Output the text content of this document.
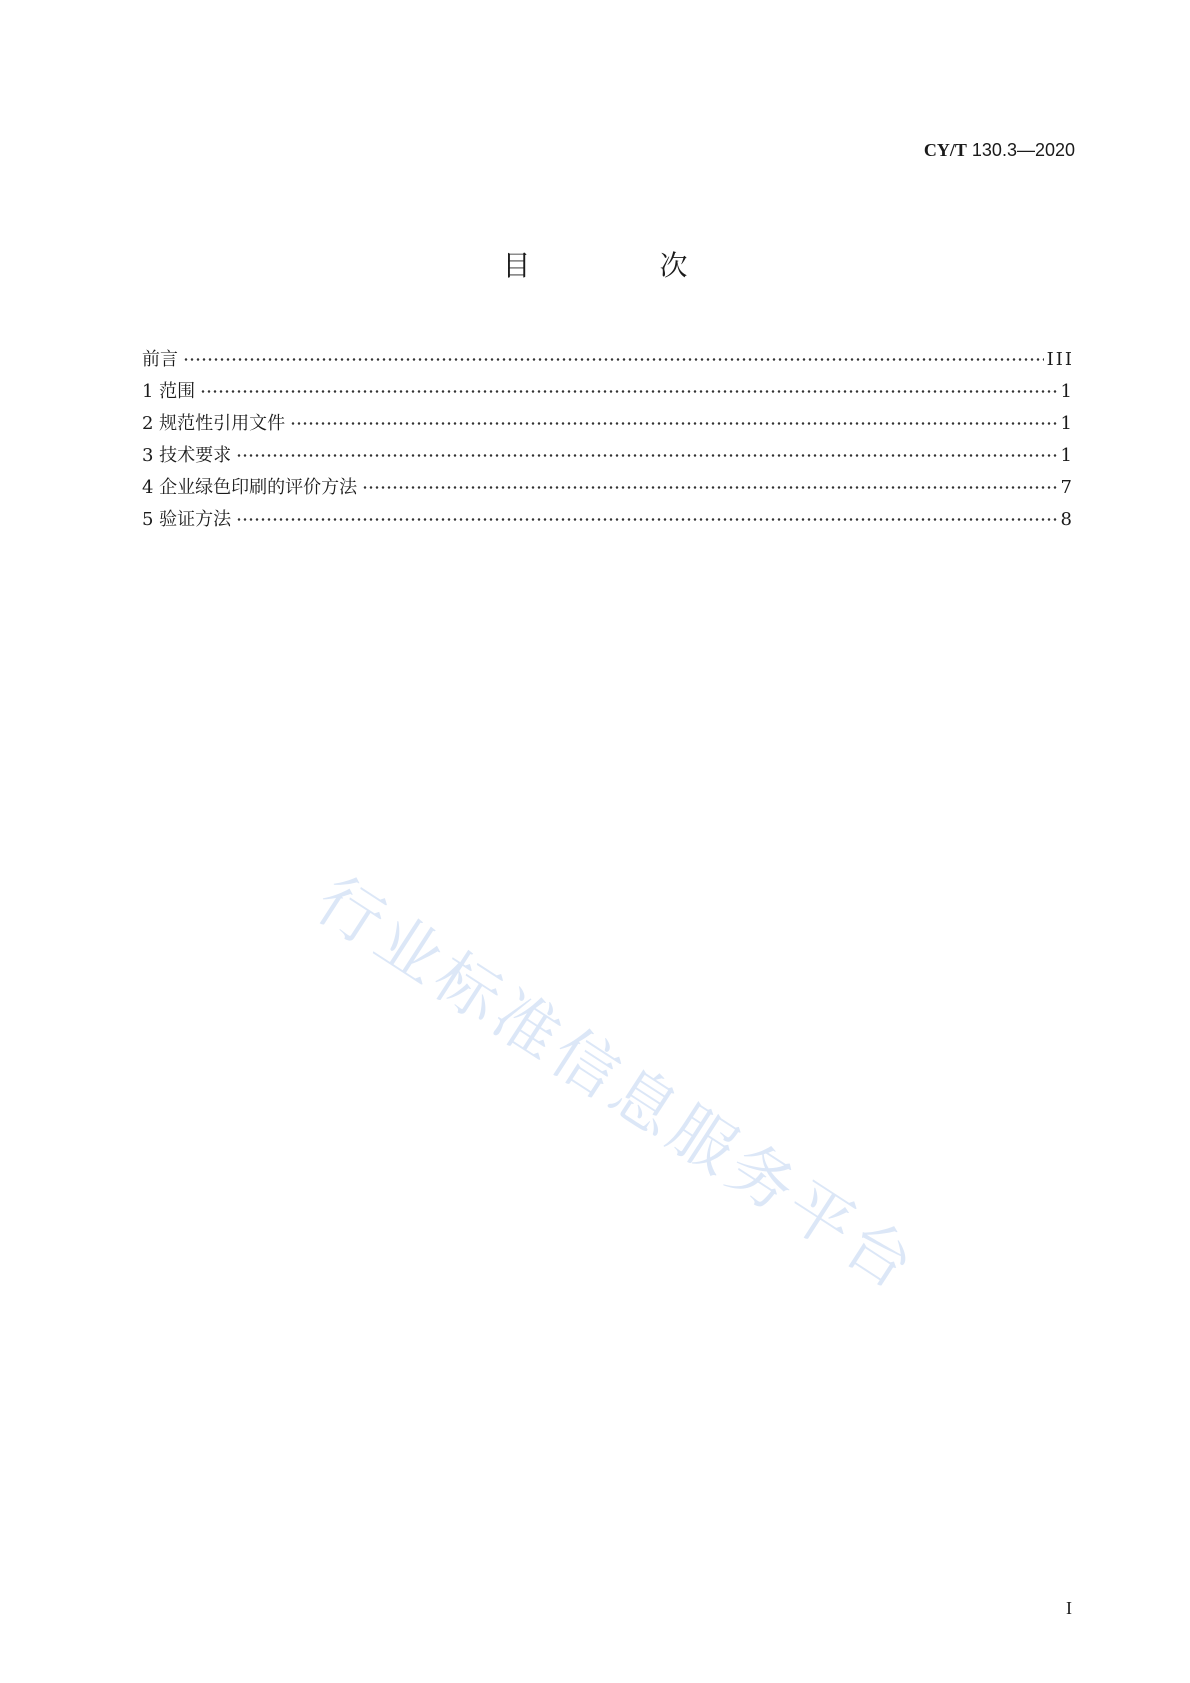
CY/T 130.3—2020
目 次
前言	III
1 范围	1
2 规范性引用文件	1
3 技术要求	1
4 企业绿色印刷的评价方法	7
5 验证方法	8
行业标准信息服务平台
I
